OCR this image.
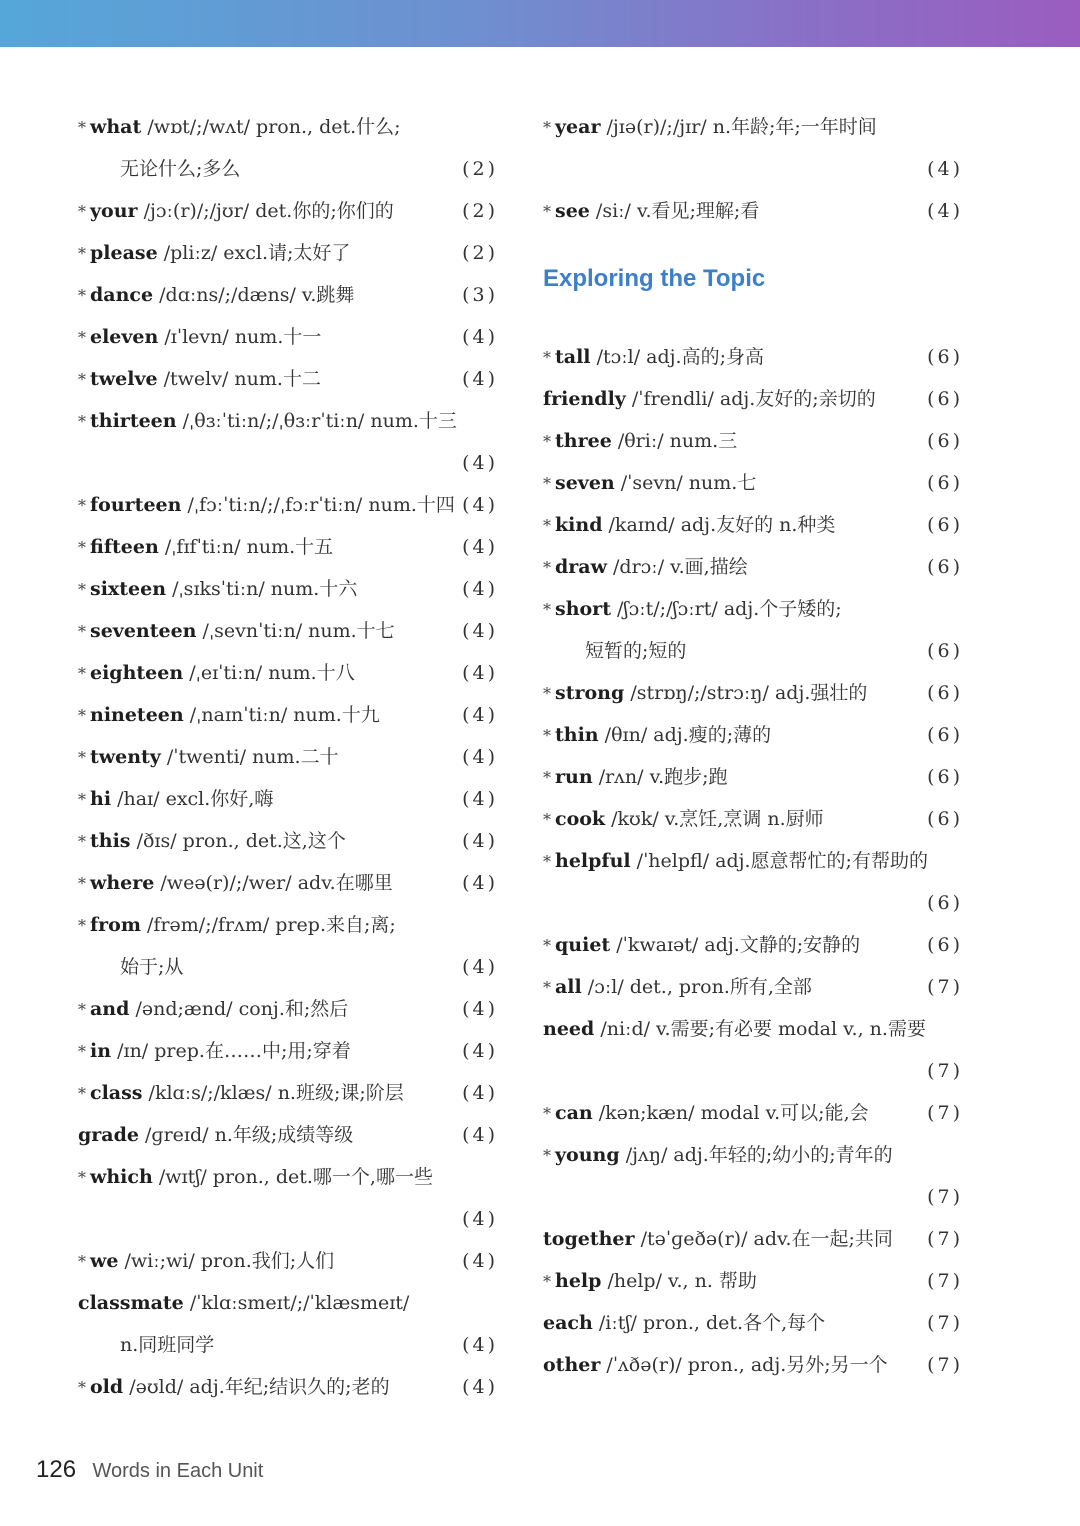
* what /wɒt/;/wʌt/ pron., det.什么;
无论什么;多么	(2)
* your /jɔː(r)/;/jʊr/ det.你的;你们的	(2)
* please /pliːz/ excl.请;太好了	(2)
* dance /dɑːns/;/dæns/ v.跳舞	(3)
* eleven /ɪˈlevn/ num.十一	(4)
* twelve /twelv/ num.十二	(4)
* thirteen /ˌθɜːˈtiːn/;/ˌθɜːrˈtiːn/ num.十三
(4)
* fourteen /ˌfɔːˈtiːn/;/ˌfɔːrˈtiːn/ num.十四 (4)
* fifteen /ˌfɪfˈtiːn/ num.十五	(4)
* sixteen /ˌsɪksˈtiːn/ num.十六	(4)
* seventeen /ˌsevnˈtiːn/ num.十七	(4)
* eighteen /ˌeɪˈtiːn/ num.十八	(4)
* nineteen /ˌnaɪnˈtiːn/ num.十九	(4)
* twenty /ˈtwenti/ num.二十	(4)
* hi /haɪ/ excl.你好,嗨	(4)
* this /ðɪs/ pron., det.这,这个	(4)
* where /weə(r)/;/wer/ adv.在哪里	(4)
* from /frəm/;/frʌm/ prep.来自;离;
始于;从	(4)
* and /ənd;ænd/ conj.和;然后	(4)
* in /ɪn/ prep.在……中;用;穿着	(4)
* class /klɑːs/;/klæs/ n.班级;课;阶层	(4)
grade /ɡreɪd/ n.年级;成绩等级	(4)
* which /wɪtʃ/ pron., det.哪一个,哪一些
(4)
* we /wiː;wi/ pron.我们;人们	(4)
classmate /ˈklɑːsmeɪt/;/ˈklæsmeɪt/
n.同班同学	(4)
* old /əʊld/ adj.年纪;结识久的;老的	(4)
* year /jɪə(r)/;/jɪr/ n.年龄;年;一年时间
(4)
* see /siː/ v.看见;理解;看	(4)
Exploring the Topic
* tall /tɔːl/ adj.高的;身高	(6)
friendly /ˈfrendli/ adj.友好的;亲切的	(6)
* three /θriː/ num.三	(6)
* seven /ˈsevn/ num.七	(6)
* kind /kaɪnd/ adj.友好的 n.种类	(6)
* draw /drɔː/ v.画,描绘	(6)
* short /ʃɔːt/;/ʃɔːrt/ adj.个子矮的;
短暂的;短的	(6)
* strong /strɒŋ/;/strɔːŋ/ adj.强壮的	(6)
* thin /θɪn/ adj.瘦的;薄的	(6)
* run /rʌn/ v.跑步;跑	(6)
* cook /kʊk/ v.烹饪,烹调 n.厨师	(6)
* helpful /ˈhelpfl/ adj.愿意帮忙的;有帮助的
(6)
* quiet /ˈkwaɪət/ adj.文静的;安静的	(6)
* all /ɔːl/ det., pron.所有,全部	(7)
need /niːd/ v.需要;有必要 modal v., n.需要
(7)
* can /kən;kæn/ modal v.可以;能,会	(7)
* young /jʌŋ/ adj.年轻的;幼小的;青年的
(7)
together /təˈɡeðə(r)/ adv.在一起;共同 (7)
* help /help/ v., n. 帮助	(7)
each /iːtʃ/ pron., det.各个,每个	(7)
other /ˈʌðə(r)/ pron., adj.另外;另一个 (7)
126 Words in Each Unit
